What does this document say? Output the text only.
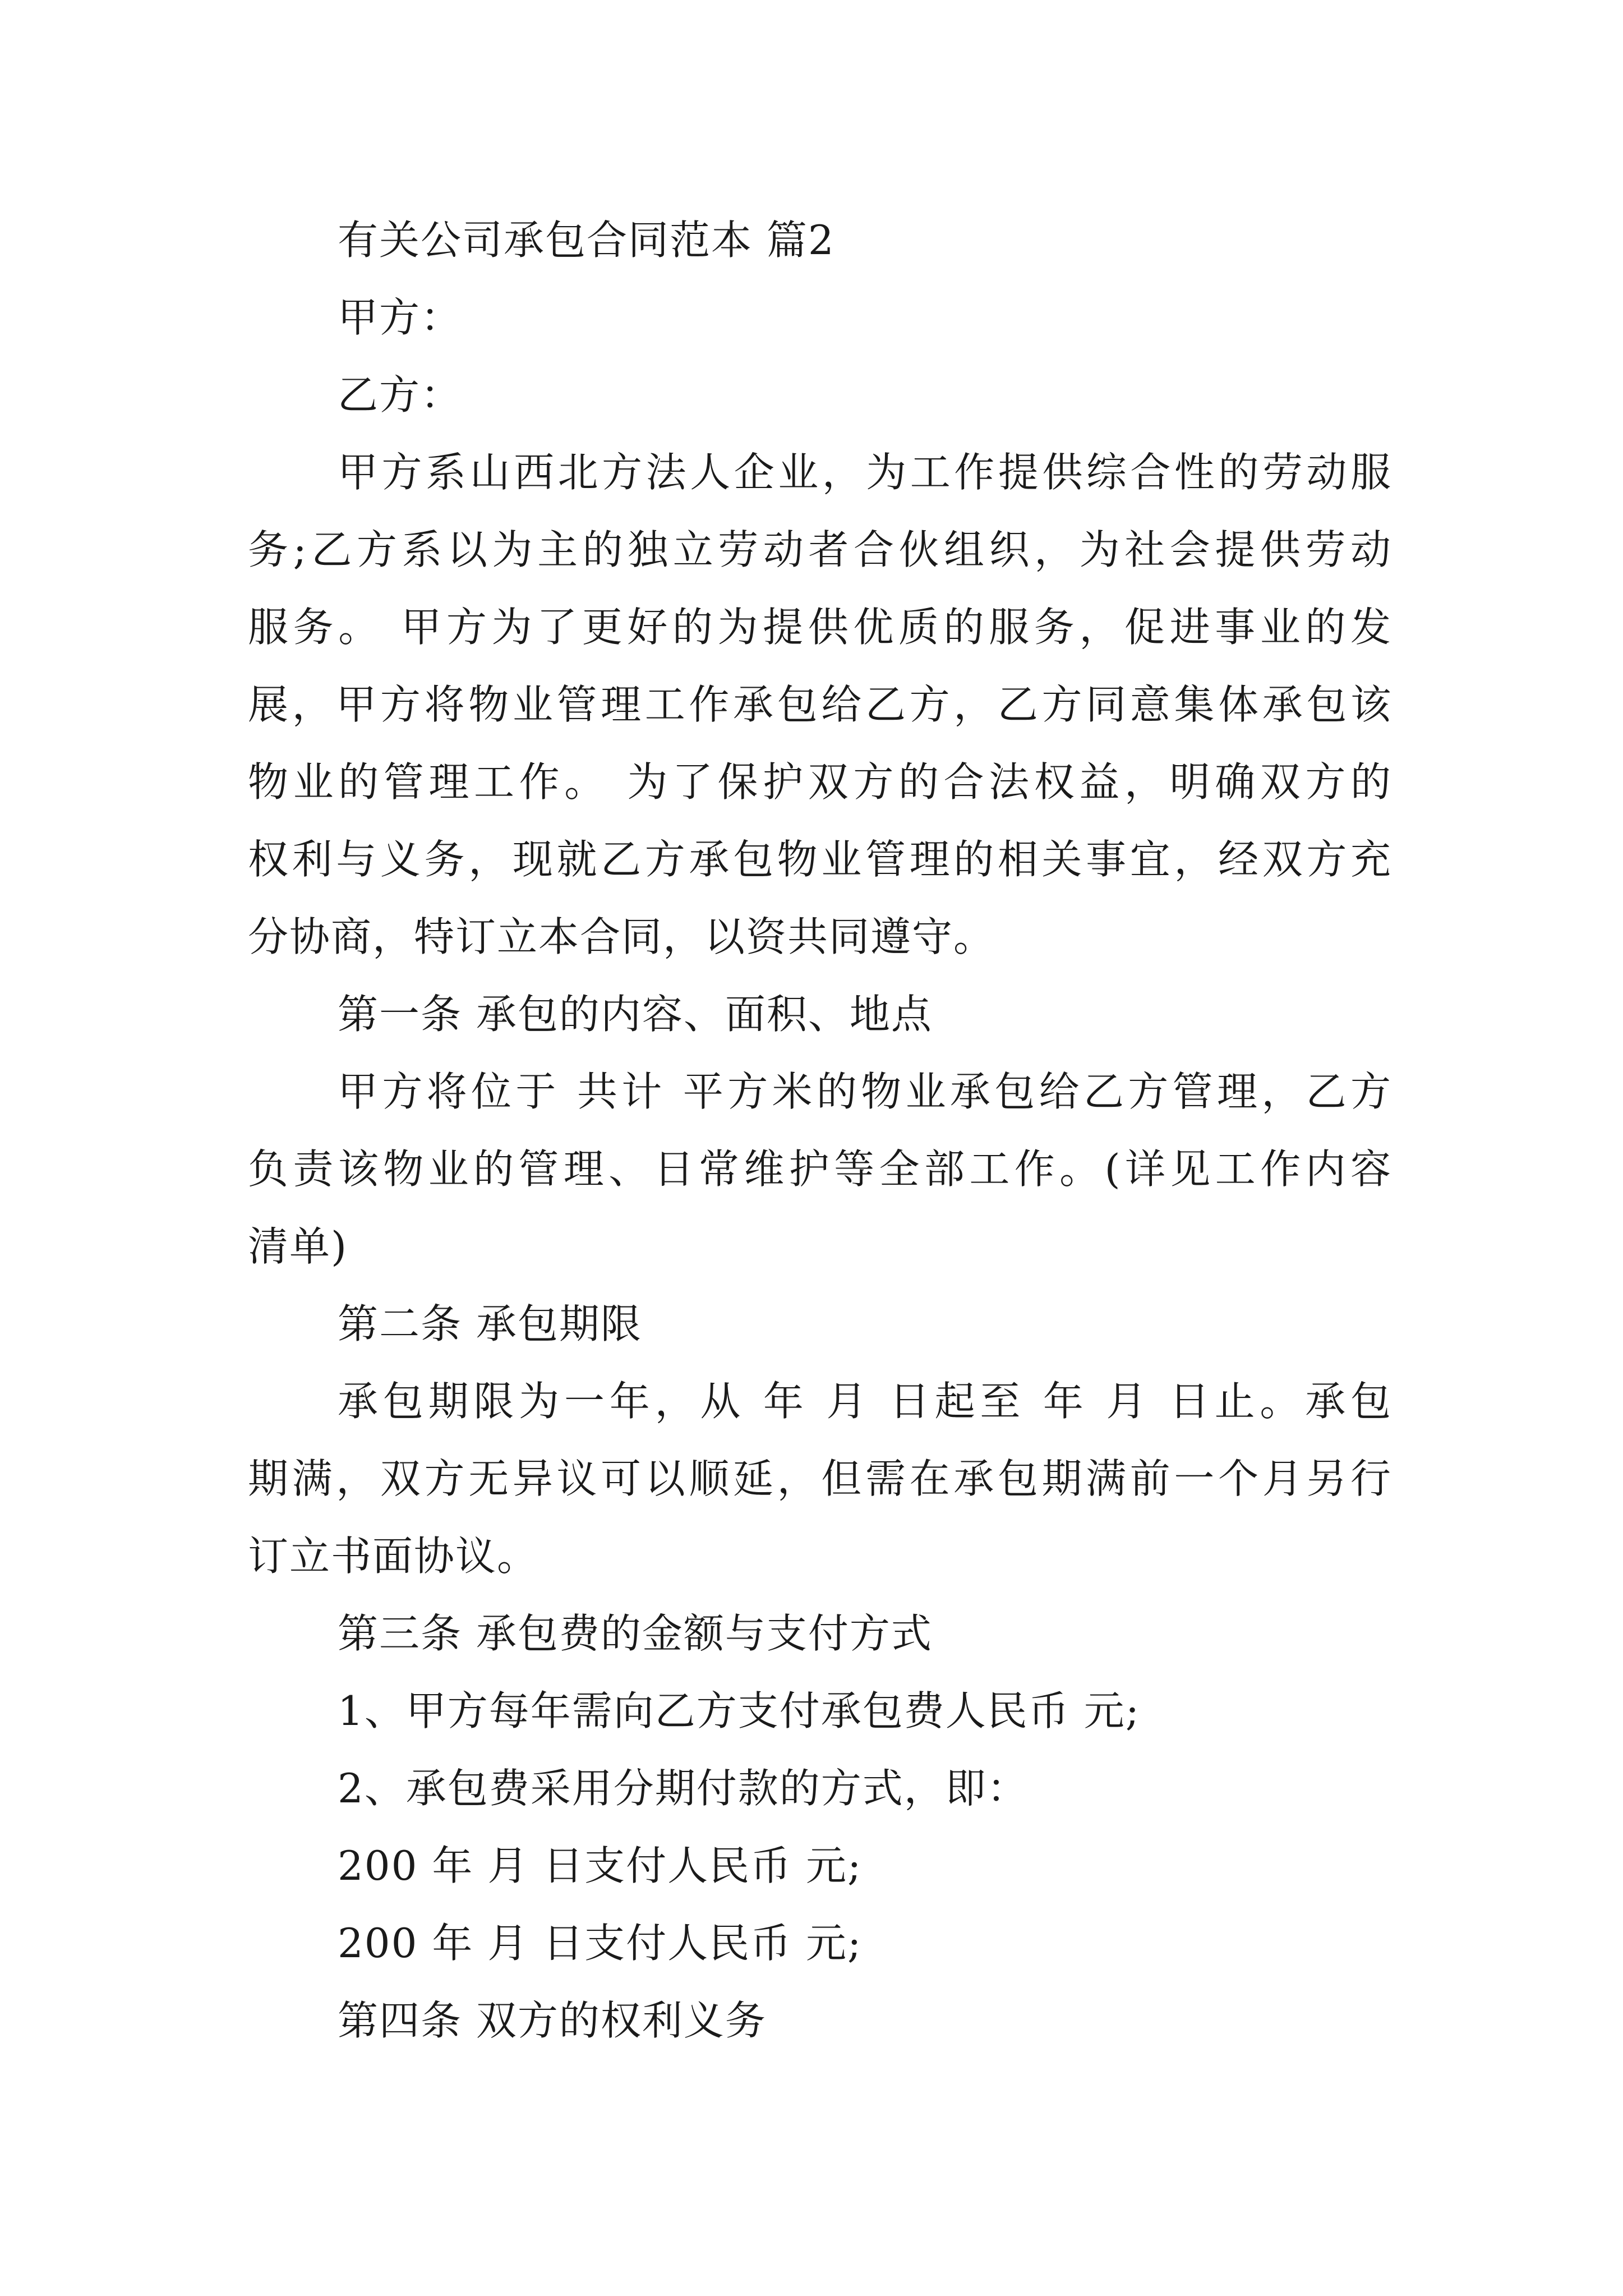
有关公司承包合同范本 篇2
甲方：
乙方：
甲方系山西北方法人企业，为工作提供综合性的劳动服
务;乙方系以为主的独立劳动者合伙组织，为社会提供劳动
服务。 甲方为了更好的为提供优质的服务，促进事业的发
展，甲方将物业管理工作承包给乙方，乙方同意集体承包该
物业的管理工作。 为了保护双方的合法权益，明确双方的
权利与义务，现就乙方承包物业管理的相关事宜，经双方充
分协商，特订立本合同，以资共同遵守。
第一条 承包的内容、面积、地点
甲方将位于 共计 平方米的物业承包给乙方管理，乙方
负责该物业的管理、日常维护等全部工作。(详见工作内容
清单)
第二条 承包期限
承包期限为一年，从 年 月 日起至 年 月 日止。承包
期满，双方无异议可以顺延，但需在承包期满前一个月另行
订立书面协议。
第三条 承包费的金额与支付方式
1、甲方每年需向乙方支付承包费人民币 元;
2、承包费采用分期付款的方式，即：
200 年 月 日支付人民币 元;
200 年 月 日支付人民币 元;
第四条 双方的权利义务
